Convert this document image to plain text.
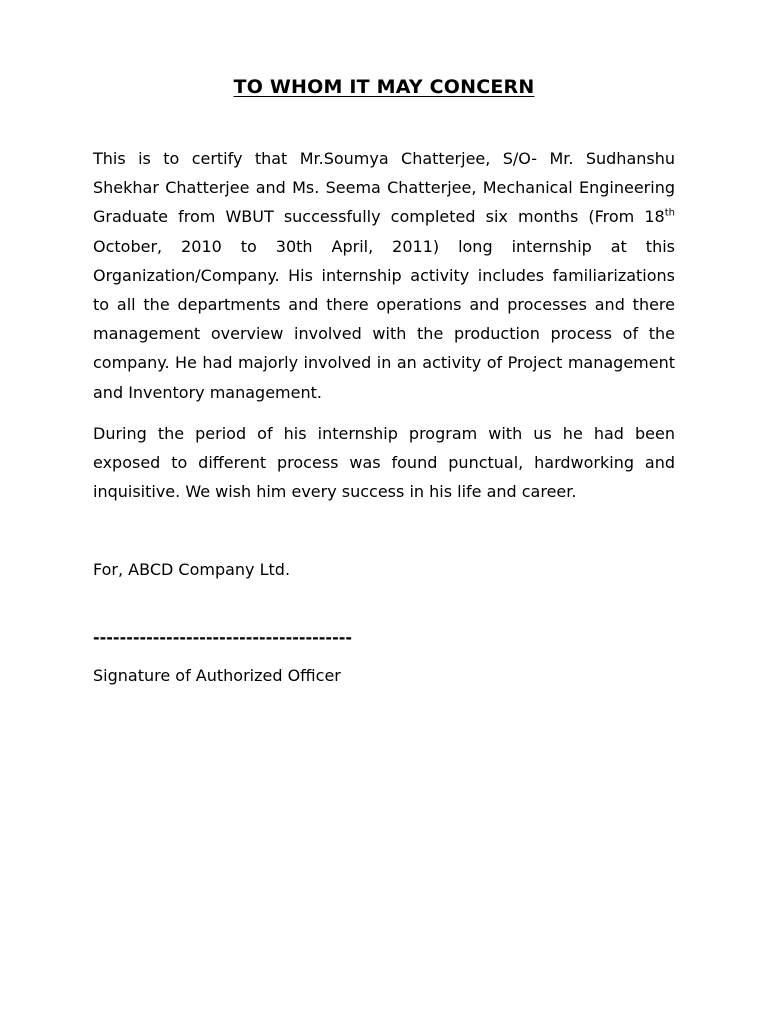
TO WHOM IT MAY CONCERN

This is to certify that Mr.Soumya Chatterjee, S/O- Mr. Sudhanshu Shekhar Chatterjee and Ms. Seema Chatterjee, Mechanical Engineering Graduate from WBUT successfully completed six months (From 18th October, 2010 to 30th April, 2011) long internship at this Organization/Company. His internship activity includes familiarizations to all the departments and there operations and processes and there management overview involved with the production process of the company. He had majorly involved in an activity of Project management and Inventory management.

During the period of his internship program with us he had been exposed to different process was found punctual, hardworking and inquisitive. We wish him every success in his life and career.

For, ABCD Company Ltd.

---------------------------------------

Signature of Authorized Officer
